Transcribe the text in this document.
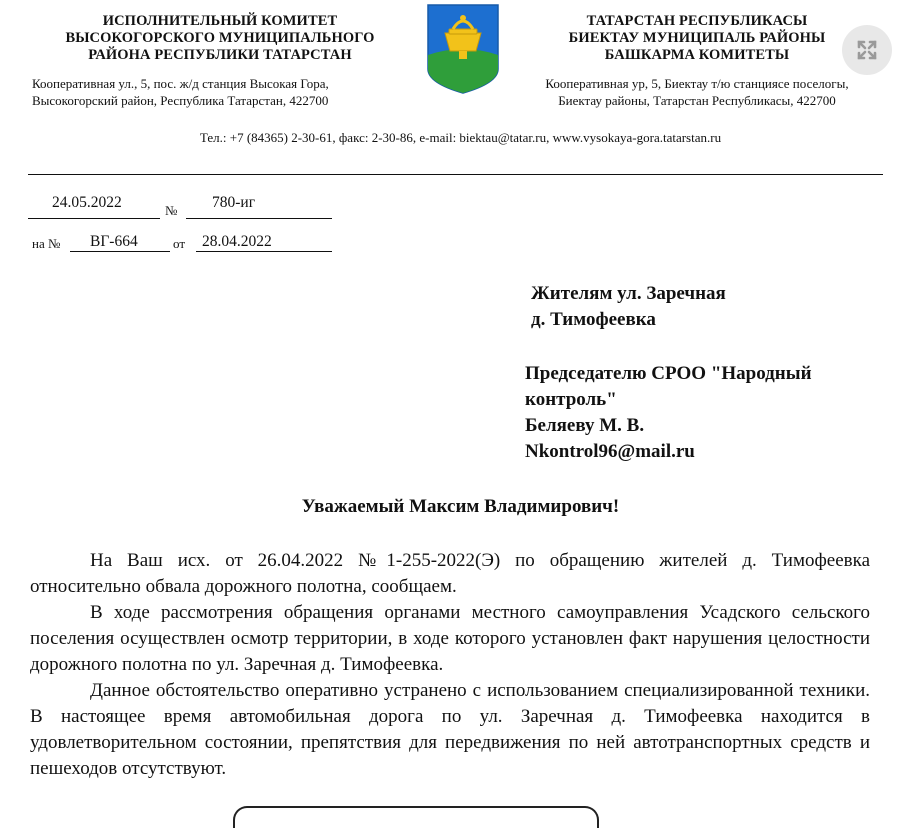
ИСПОЛНИТЕЛЬНЫЙ КОМИТЕТ
ВЫСОКОГОРСКОГО МУНИЦИПАЛЬНОГО
РАЙОНА РЕСПУБЛИКИ ТАТАРСТАН
Кооперативная ул., 5, пос. ж/д станция Высокая Гора,
Высокогорский район, Республика Татарстан, 422700
ТАТАРСТАН РЕСПУБЛИКАСЫ
БИЕКТАУ МУНИЦИПАЛЬ РАЙОНЫ
БАШКАРМА КОМИТЕТЫ
Кооперативная ур, 5, Биектау т/ю станциясе поселогы,
Биектау районы, Татарстан Республикасы, 422700
Тел.: +7 (84365) 2-30-61, факс: 2-30-86, e-mail: biektau@tatar.ru, www.vysokaya-gora.tatarstan.ru
24.05.2022	№ 780-иг
на № ВГ-664	от 28.04.2022
Жителям ул. Заречная
д. Тимофеевка
Председателю СРОО "Народный
контроль"
Беляеву М. В.
Nkontrol96@mail.ru
Уважаемый Максим Владимирович!
На Ваш исх. от 26.04.2022 №1-255-2022(Э) по обращению жителей д. Тимофеевка относительно обвала дорожного полотна, сообщаем.
В ходе рассмотрения обращения органами местного самоуправления Усадского сельского поселения осуществлен осмотр территории, в ходе которого установлен факт нарушения целостности дорожного полотна по ул. Заречная д. Тимофеевка.
Данное обстоятельство оперативно устранено с использованием специализированной техники. В настоящее время автомобильная дорога по ул. Заречная д. Тимофеевка находится в удовлетворительном состоянии, препятствия для передвижения по ней автотранспортных средств и пешеходов отсутствуют.
